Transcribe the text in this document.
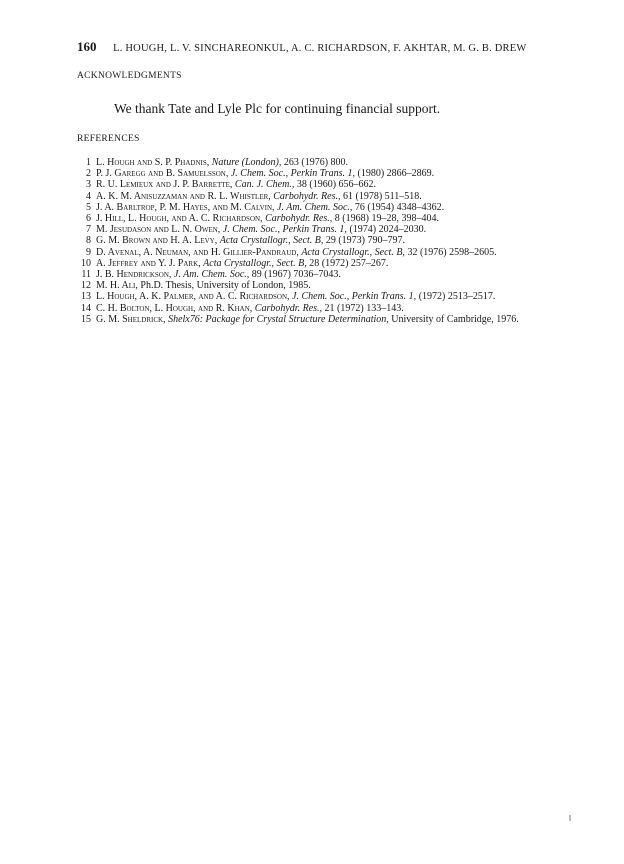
160 L. HOUGH, L. V. SINCHAREONKUL, A. C. RICHARDSON, F. AKHTAR, M. G. B. DREW
ACKNOWLEDGMENTS
We thank Tate and Lyle Plc for continuing financial support.
REFERENCES
1 L. Hough and S. P. Phadnis, Nature (London), 263 (1976) 800.
2 P. J. Garegg and B. Samuelsson, J. Chem. Soc., Perkin Trans. 1, (1980) 2866–2869.
3 R. U. Lemieux and J. P. Barrette, Can. J. Chem., 38 (1960) 656–662.
4 A. K. M. Anisuzzaman and R. L. Whistler, Carbohydr. Res., 61 (1978) 511–518.
5 J. A. Barltrop, P. M. Hayes, and M. Calvin, J. Am. Chem. Soc., 76 (1954) 4348–4362.
6 J. Hill, L. Hough, and A. C. Richardson, Carbohydr. Res., 8 (1968) 19–28, 398–404.
7 M. Jesudason and L. N. Owen, J. Chem. Soc., Perkin Trans. 1, (1974) 2024–2030.
8 G. M. Brown and H. A. Levy, Acta Crystallogr., Sect. B, 29 (1973) 790–797.
9 D. Avenal, A. Neuman, and H. Gillier-Pandraud, Acta Crystallogr., Sect. B, 32 (1976) 2598–2605.
10 A. Jeffrey and Y. J. Park, Acta Crystallogr., Sect. B, 28 (1972) 257–267.
11 J. B. Hendrickson, J. Am. Chem. Soc., 89 (1967) 7036–7043.
12 M. H. Ali, Ph.D. Thesis, University of London, 1985.
13 L. Hough, A. K. Palmer, and A. C. Richardson, J. Chem. Soc., Perkin Trans. 1, (1972) 2513–2517.
14 C. H. Bolton, L. Hough, and R. Khan, Carbohydr. Res., 21 (1972) 133–143.
15 G. M. Sheldrick, Shelx76: Package for Crystal Structure Determination, University of Cambridge, 1976.
